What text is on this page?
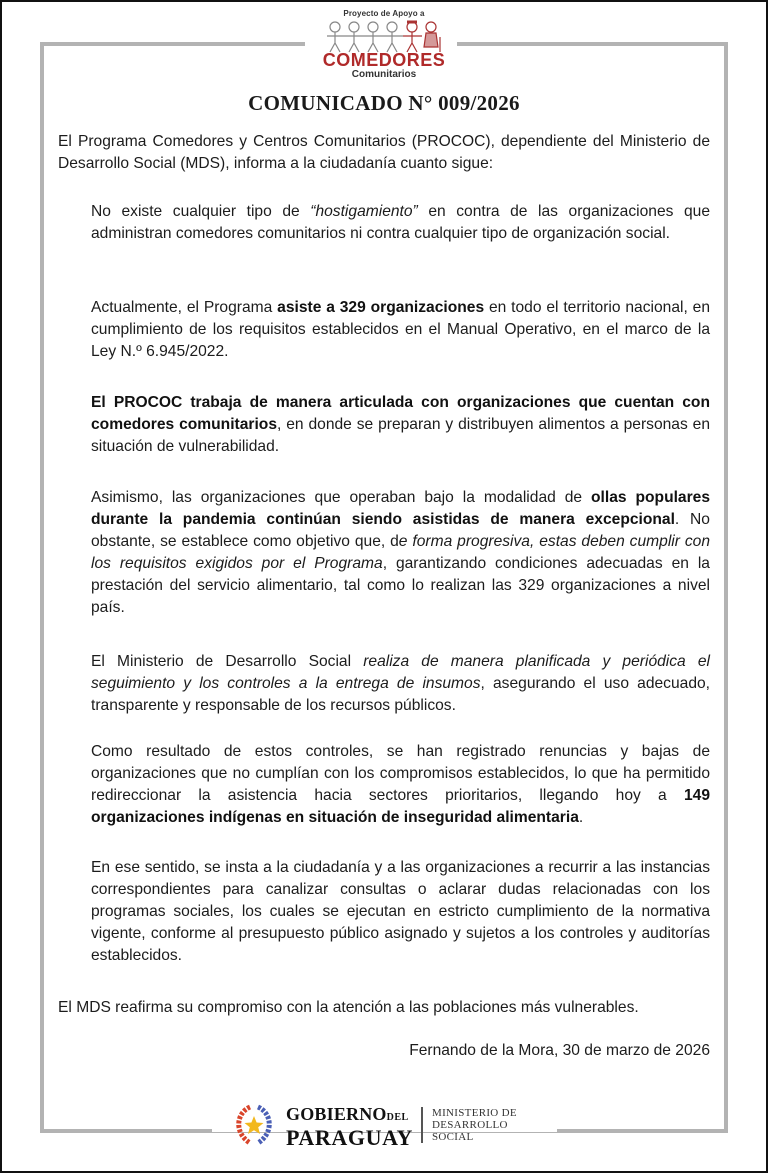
Proyecto de Apoyo a
COMEDORES
Comunitarios
COMUNICADO N° 009/2026

El Programa Comedores y Centros Comunitarios (PROCOC), dependiente del Ministerio de Desarrollo Social (MDS), informa a la ciudadanía cuanto sigue:

No existe cualquier tipo de “hostigamiento” en contra de las organizaciones que administran comedores comunitarios ni contra cualquier tipo de organización social.

Actualmente, el Programa asiste a 329 organizaciones en todo el territorio nacional, en cumplimiento de los requisitos establecidos en el Manual Operativo, en el marco de la Ley N.º 6.945/2022.

El PROCOC trabaja de manera articulada con organizaciones que cuentan con comedores comunitarios, en donde se preparan y distribuyen alimentos a personas en situación de vulnerabilidad.

Asimismo, las organizaciones que operaban bajo la modalidad de ollas populares durante la pandemia continúan siendo asistidas de manera excepcional. No obstante, se establece como objetivo que, de forma progresiva, estas deben cumplir con los requisitos exigidos por el Programa, garantizando condiciones adecuadas en la prestación del servicio alimentario, tal como lo realizan las 329 organizaciones a nivel país.

El Ministerio de Desarrollo Social realiza de manera planificada y periódica el seguimiento y los controles a la entrega de insumos, asegurando el uso adecuado, transparente y responsable de los recursos públicos.

Como resultado de estos controles, se han registrado renuncias y bajas de organizaciones que no cumplían con los compromisos establecidos, lo que ha permitido redireccionar la asistencia hacia sectores prioritarios, llegando hoy a 149 organizaciones indígenas en situación de inseguridad alimentaria.

En ese sentido, se insta a la ciudadanía y a las organizaciones a recurrir a las instancias correspondientes para canalizar consultas o aclarar dudas relacionadas con los programas sociales, los cuales se ejecutan en estricto cumplimiento de la normativa vigente, conforme al presupuesto público asignado y sujetos a los controles y auditorías establecidos.

El MDS reafirma su compromiso con la atención a las poblaciones más vulnerables.

Fernando de la Mora, 30 de marzo de 2026
GOBIERNODEL
PARAGUAY
MINISTERIO DE
DESARROLLO
SOCIAL
